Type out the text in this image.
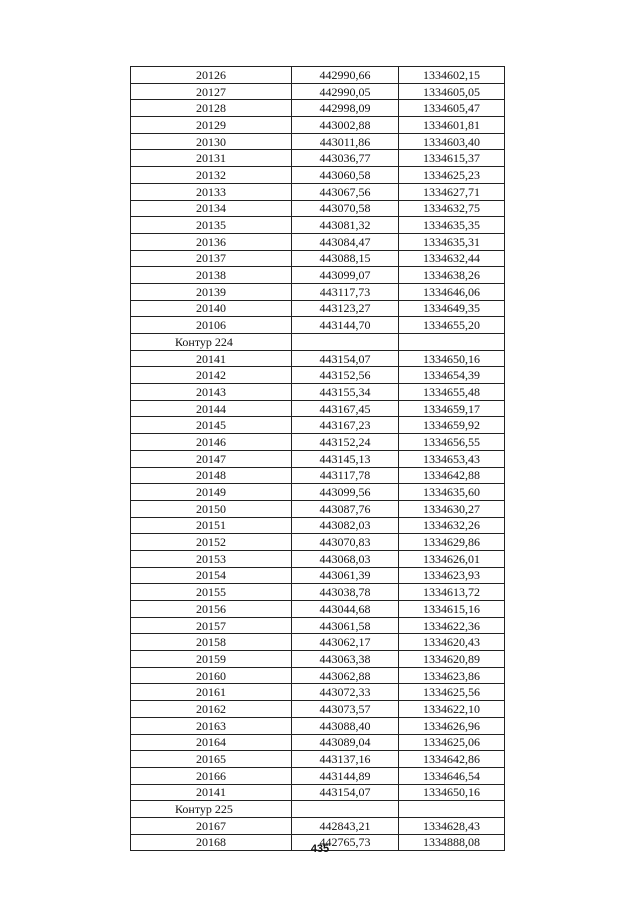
20126	442990,66	1334602,15
20127	442990,05	1334605,05
20128	442998,09	1334605,47
20129	443002,88	1334601,81
20130	443011,86	1334603,40
20131	443036,77	1334615,37
20132	443060,58	1334625,23
20133	443067,56	1334627,71
20134	443070,58	1334632,75
20135	443081,32	1334635,35
20136	443084,47	1334635,31
20137	443088,15	1334632,44
20138	443099,07	1334638,26
20139	443117,73	1334646,06
20140	443123,27	1334649,35
20106	443144,70	1334655,20
Контур 224		
20141	443154,07	1334650,16
20142	443152,56	1334654,39
20143	443155,34	1334655,48
20144	443167,45	1334659,17
20145	443167,23	1334659,92
20146	443152,24	1334656,55
20147	443145,13	1334653,43
20148	443117,78	1334642,88
20149	443099,56	1334635,60
20150	443087,76	1334630,27
20151	443082,03	1334632,26
20152	443070,83	1334629,86
20153	443068,03	1334626,01
20154	443061,39	1334623,93
20155	443038,78	1334613,72
20156	443044,68	1334615,16
20157	443061,58	1334622,36
20158	443062,17	1334620,43
20159	443063,38	1334620,89
20160	443062,88	1334623,86
20161	443072,33	1334625,56
20162	443073,57	1334622,10
20163	443088,40	1334626,96
20164	443089,04	1334625,06
20165	443137,16	1334642,86
20166	443144,89	1334646,54
20141	443154,07	1334650,16
Контур 225		
20167	442843,21	1334628,43
20168	442765,73	1334888,08
435
